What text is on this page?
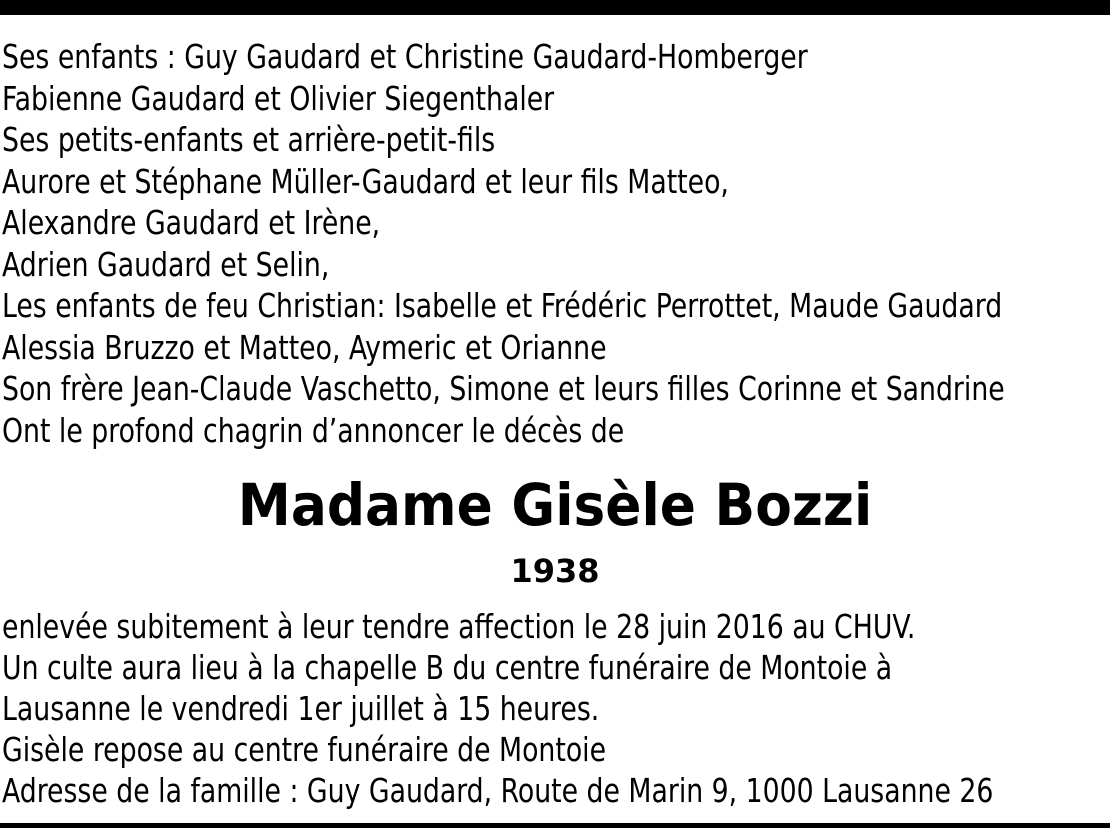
Ses enfants : Guy Gaudard et Christine Gaudard-Homberger
Fabienne Gaudard et Olivier Siegenthaler
Ses petits-enfants et arrière-petit-fils
Aurore et Stéphane Müller-Gaudard et leur fils Matteo,
Alexandre Gaudard et Irène,
Adrien Gaudard et Selin,
Les enfants de feu Christian: Isabelle et Frédéric Perrottet, Maude Gaudard
Alessia Bruzzo et Matteo, Aymeric et Orianne
Son frère Jean-Claude Vaschetto, Simone et leurs filles Corinne et Sandrine
Ont le profond chagrin d’annoncer le décès de
Madame Gisèle Bozzi
1938
enlevée subitement à leur tendre affection le 28 juin 2016 au CHUV.
Un culte aura lieu à la chapelle B du centre funéraire de Montoie à
Lausanne le vendredi 1er juillet à 15 heures.
Gisèle repose au centre funéraire de Montoie
Adresse de la famille : Guy Gaudard, Route de Marin 9, 1000 Lausanne 26
